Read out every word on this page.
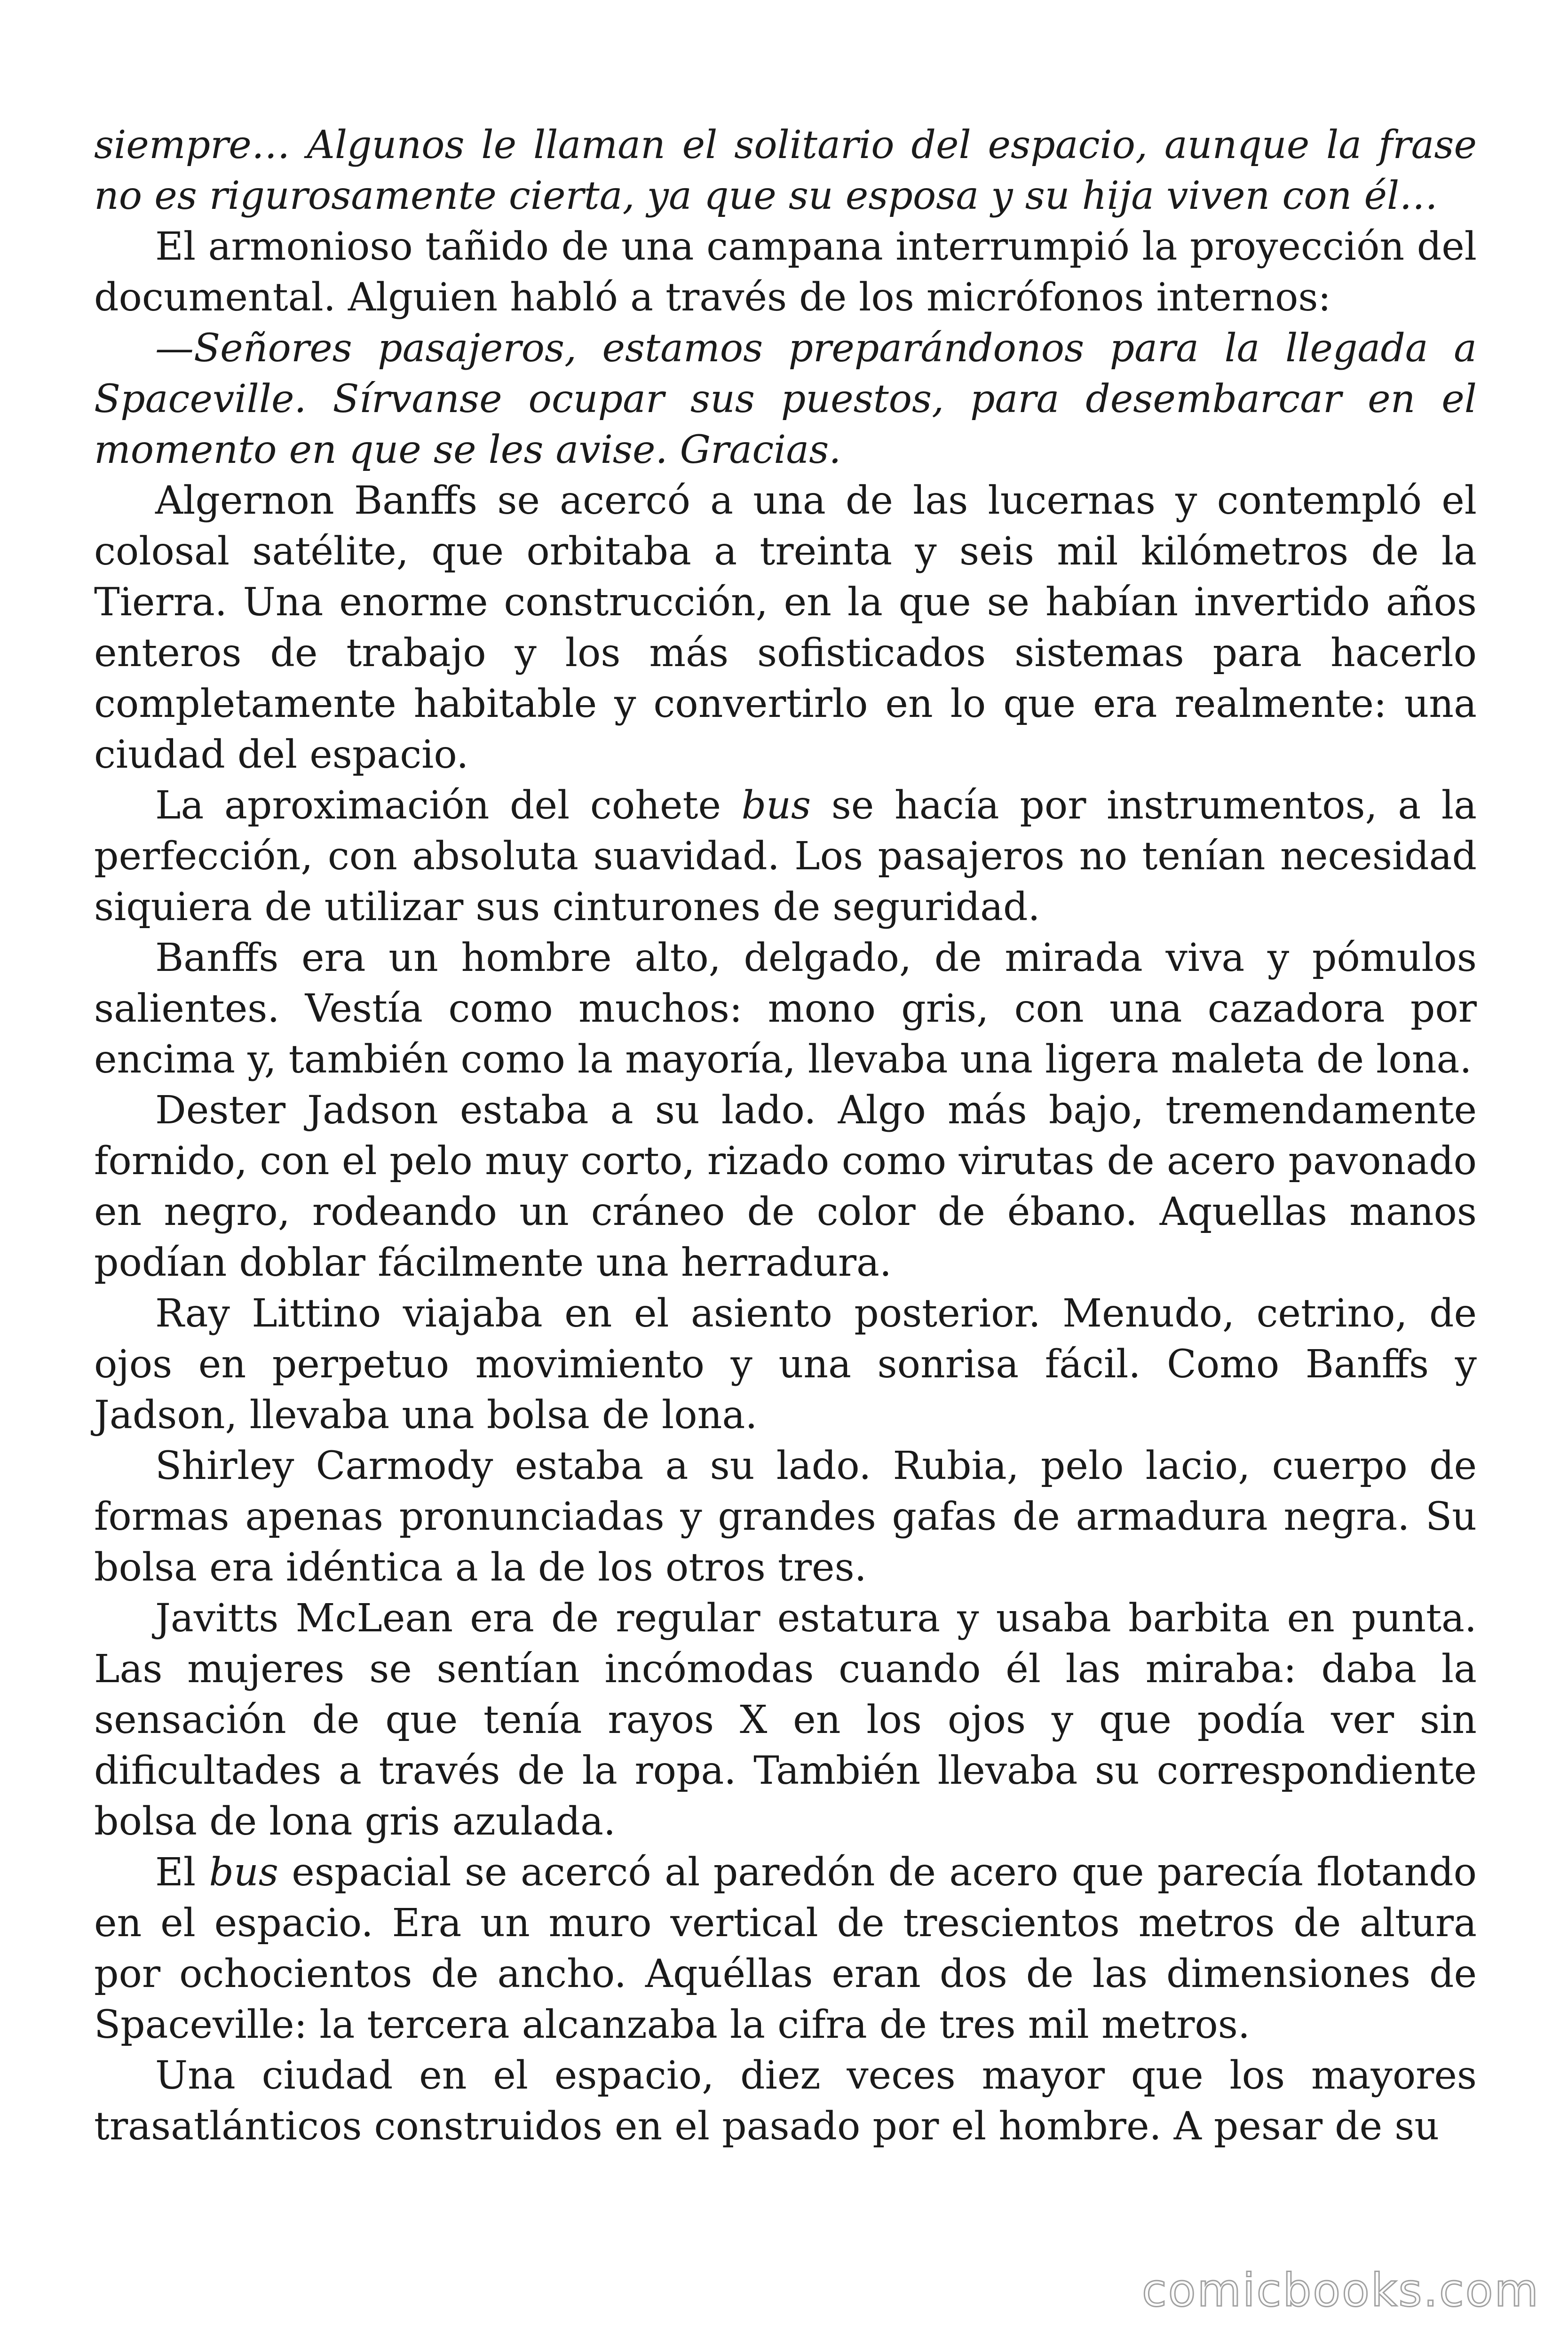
siempre… Algunos le llaman el solitario del espacio, aunque la frase no es rigurosamente cierta, ya que su esposa y su hija viven con él…

El armonioso tañido de una campana interrumpió la proyección del documental. Alguien habló a través de los micrófonos internos:

—Señores pasajeros, estamos preparándonos para la llegada a Spaceville. Sírvanse ocupar sus puestos, para desembarcar en el momento en que se les avise. Gracias.

Algernon Banffs se acercó a una de las lucernas y contempló el colosal satélite, que orbitaba a treinta y seis mil kilómetros de la Tierra. Una enorme construcción, en la que se habían invertido años enteros de trabajo y los más sofisticados sistemas para hacerlo completamente habitable y convertirlo en lo que era realmente: una ciudad del espacio.

La aproximación del cohete bus se hacía por instrumentos, a la perfección, con absoluta suavidad. Los pasajeros no tenían necesidad siquiera de utilizar sus cinturones de seguridad.

Banffs era un hombre alto, delgado, de mirada viva y pómulos salientes. Vestía como muchos: mono gris, con una cazadora por encima y, también como la mayoría, llevaba una ligera maleta de lona.

Dester Jadson estaba a su lado. Algo más bajo, tremendamente fornido, con el pelo muy corto, rizado como virutas de acero pavonado en negro, rodeando un cráneo de color de ébano. Aquellas manos podían doblar fácilmente una herradura.

Ray Littino viajaba en el asiento posterior. Menudo, cetrino, de ojos en perpetuo movimiento y una sonrisa fácil. Como Banffs y Jadson, llevaba una bolsa de lona.

Shirley Carmody estaba a su lado. Rubia, pelo lacio, cuerpo de formas apenas pronunciadas y grandes gafas de armadura negra. Su bolsa era idéntica a la de los otros tres.

Javitts McLean era de regular estatura y usaba barbita en punta. Las mujeres se sentían incómodas cuando él las miraba: daba la sensación de que tenía rayos X en los ojos y que podía ver sin dificultades a través de la ropa. También llevaba su correspondiente bolsa de lona gris azulada.

El bus espacial se acercó al paredón de acero que parecía flotando en el espacio. Era un muro vertical de trescientos metros de altura por ochocientos de ancho. Aquéllas eran dos de las dimensiones de Spaceville: la tercera alcanzaba la cifra de tres mil metros.

Una ciudad en el espacio, diez veces mayor que los mayores trasatlánticos construidos en el pasado por el hombre. A pesar de su

comicbooks.com
